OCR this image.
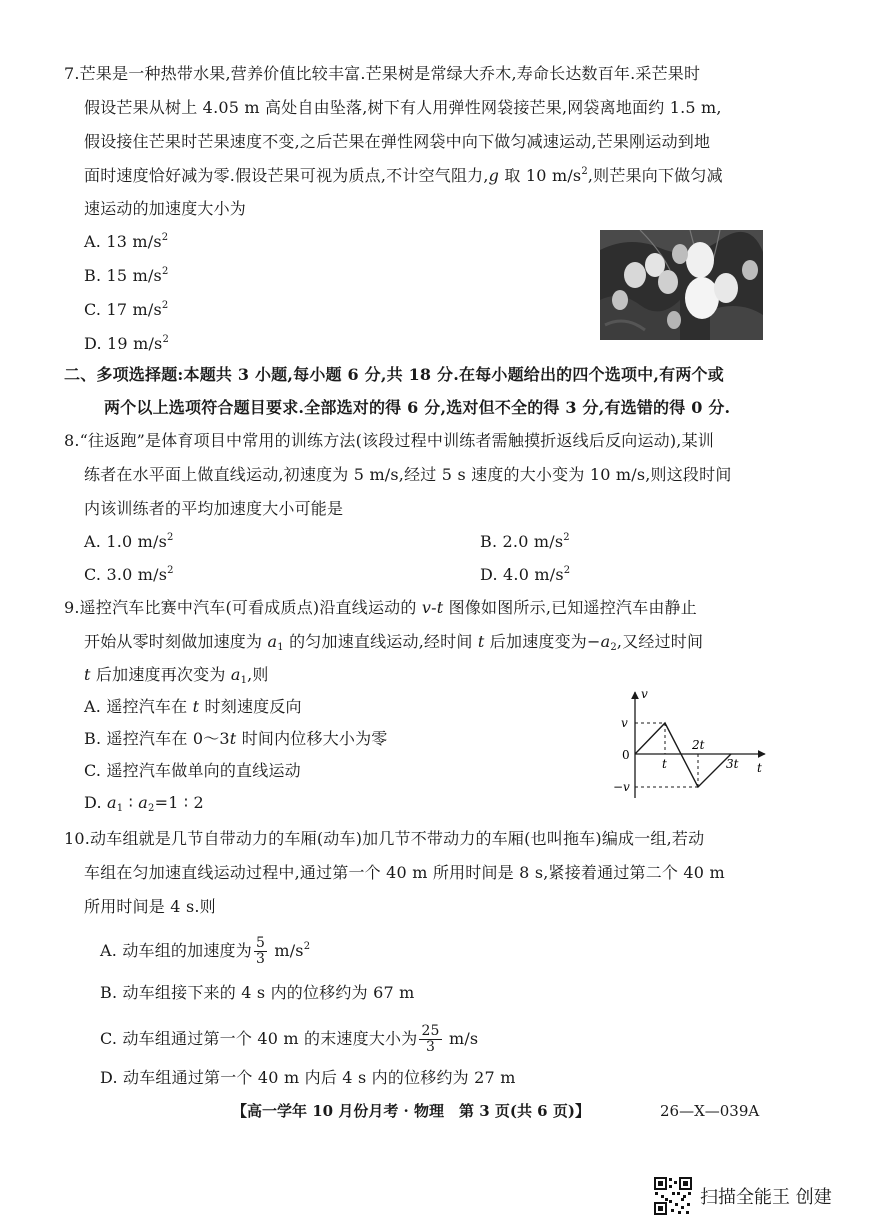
7.芒果是一种热带水果,营养价值比较丰富.芒果树是常绿大乔木,寿命长达数百年.采芒果时
假设芒果从树上 4.05 m 高处自由坠落,树下有人用弹性网袋接芒果,网袋离地面约 1.5 m,
假设接住芒果时芒果速度不变,之后芒果在弹性网袋中向下做匀减速运动,芒果刚运动到地
面时速度恰好减为零.假设芒果可视为质点,不计空气阻力,g 取 10 $m/s^2$,则芒果向下做匀减
速运动的加速度大小为
A. 13 $m/s^2$
B. 15 $m/s^2$
C. 17 $m/s^2$
D. 19 $m/s^2$
二、多项选择题:本题共 3 小题,每小题 6 分,共 18 分.在每小题给出的四个选项中,有两个或
两个以上选项符合题目要求.全部选对的得 6 分,选对但不全的得 3 分,有选错的得 0 分.
8.“往返跑”是体育项目中常用的训练方法(该段过程中训练者需触摸折返线后反向运动),某训
练者在水平面上做直线运动,初速度为 5 m/s,经过 5 s 速度的大小变为 10 m/s,则这段时间
内该训练者的平均加速度大小可能是
A. 1.0 $m/s^2$	B. 2.0 $m/s^2$
C. 3.0 $m/s^2$	D. 4.0 $m/s^2$
9.遥控汽车比赛中汽车(可看成质点)沿直线运动的 v-t 图像如图所示,已知遥控汽车由静止
开始从零时刻做加速度为 $a_1$ 的匀加速直线运动,经时间 t 后加速度变为$-a_2$,又经过时间
t 后加速度再次变为 $a_1$,则
A. 遥控汽车在 t 时刻速度反向
B. 遥控汽车在 0～3t 时间内位移大小为零
C. 遥控汽车做单向的直线运动
D. $a_1$ ∶ $a_2=1$ ∶ 2
v
t
v
−v
0
t
2t
3t
10.动车组就是几节自带动力的车厢(动车)加几节不带动力的车厢(也叫拖车)编成一组,若动
车组在匀加速直线运动过程中,通过第一个 40 m 所用时间是 8 s,紧接着通过第二个 40 m
所用时间是 4 s.则
A. 动车组的加速度为 $\frac{5}{3} m/s^2$
B. 动车组接下来的 4 s 内的位移约为 67 m
C. 动车组通过第一个 40 m 的末速度大小为 $\frac{25}{3} m/s$
D. 动车组通过第一个 40 m 内后 4 s 内的位移约为 27 m
【高一学年 10 月份月考 · 物理　第 3 页(共 6 页)】	26—X—039A
扫描全能王 创建
